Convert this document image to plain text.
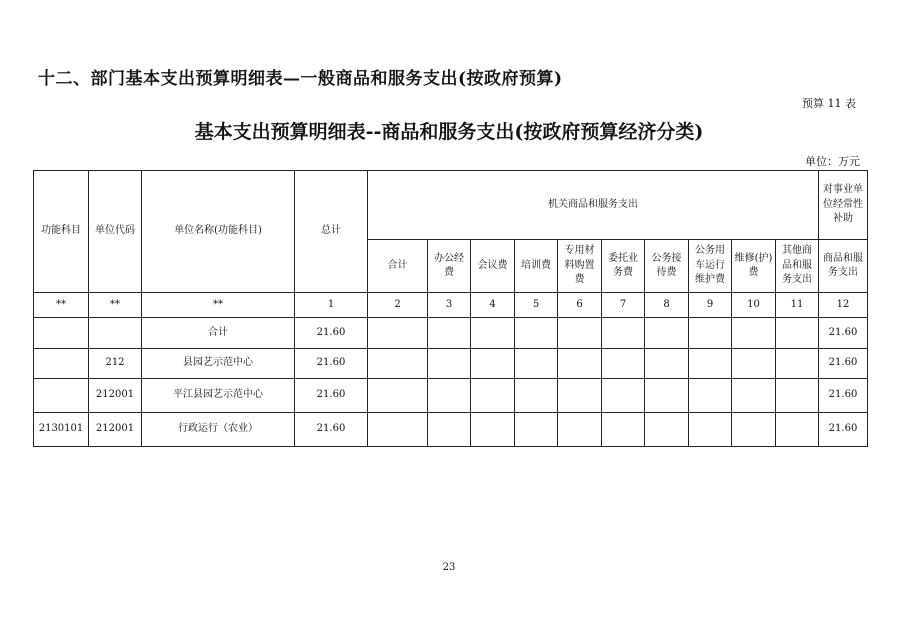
十二、部门基本支出预算明细表—一般商品和服务支出(按政府预算)
预算 11 表
基本支出预算明细表--商品和服务支出(按政府预算经济分类)
单位：万元
功能科目	单位代码	单位名称(功能科目)	总计	机关商品和服务支出										对事业单位经常性补助
				合计	办公经费	会议费	培训费	专用材料购置费	委托业务费	公务接待费	公务用车运行维护费	维修(护)费	其他商品和服务支出	商品和服务支出
**	**	**	1	2	3	4	5	6	7	8	9	10	11	12
		合计	21.60											21.60
	212	县园艺示范中心	21.60											21.60
	212001	平江县园艺示范中心	21.60											21.60
2130101	212001	行政运行（农业）	21.60											21.60
23
